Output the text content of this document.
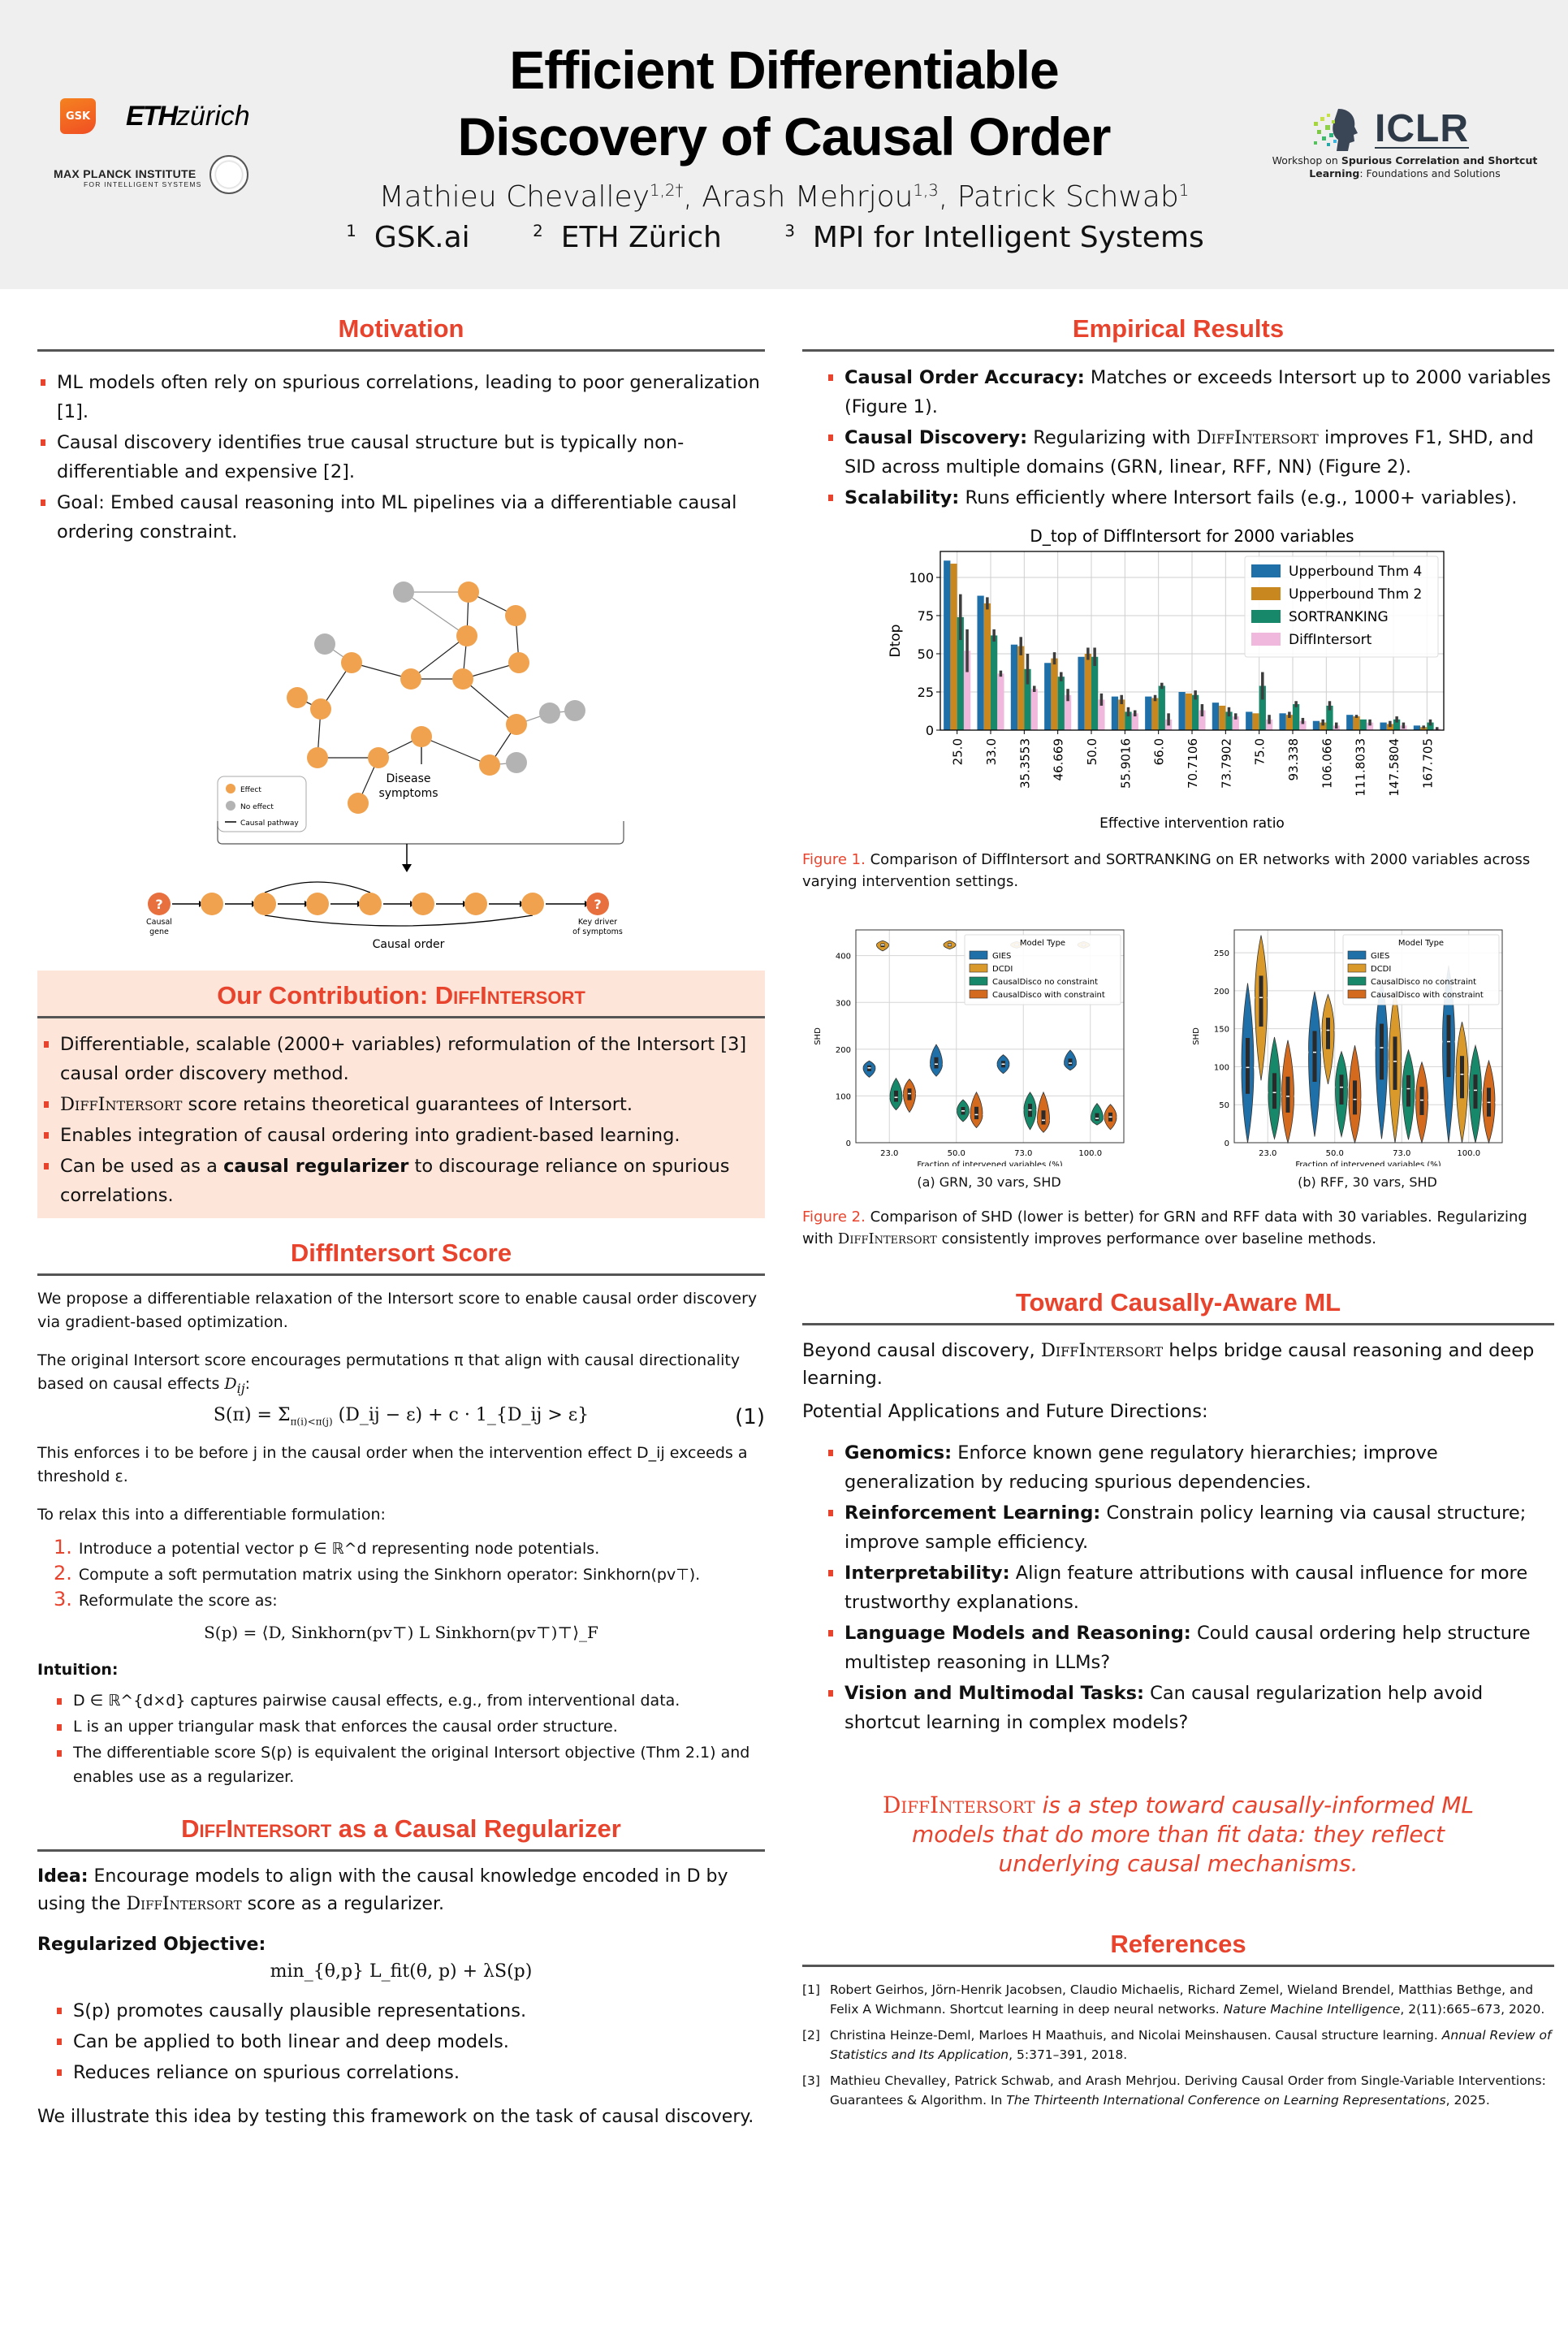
GSK ETHzürich
MAX PLANCK INSTITUTE
FOR INTELLIGENT SYSTEMS
Efficient Differentiable
Discovery of Causal Order
Mathieu Chevalley$^{1,2\dagger}$, Arash Mehrjou$^{1,3}$, Patrick Schwab$^1$
$^1$ GSK.ai	$^2$ ETH Zürich	$^3$ MPI for Intelligent Systems
ICLR
Workshop on Spurious Correlation and Shortcut Learning: Foundations and Solutions
Motivation
ML models often rely on spurious correlations, leading to poor generalization [1].
Causal discovery identifies true causal structure but is typically non-differentiable and expensive [2].
Goal: Embed causal reasoning into ML pipelines via a differentiable causal ordering constraint.
Disease
symptoms
Effect
No effect
Causal pathway
?	?
Causal
gene
Key driver
of symptoms
Causal order
Our Contribution: DiffIntersort
Differentiable, scalable (2000+ variables) reformulation of the Intersort [3] causal order discovery method.
DiffIntersort score retains theoretical guarantees of Intersort.
Enables integration of causal ordering into gradient-based learning.
Can be used as a causal regularizer to discourage reliance on spurious correlations.
DiffIntersort Score

We propose a differentiable relaxation of the Intersort score to enable causal order discovery via gradient-based optimization.

The original Intersort score encourages permutations π that align with causal directionality based on causal effects $D_{ij}$:

$S(\pi) = \Sigma_{\pi(i)<\pi(j)}$ (D_ij − ε) + c · 1_{D_ij > ε}	(1)

This enforces i to be before j in the causal order when the intervention effect D_ij exceeds a threshold ε.

To relax this into a differentiable formulation:

1. Introduce a potential vector p ∈ ℝ^d representing node potentials.
2. Compute a soft permutation matrix using the Sinkhorn operator: Sinkhorn(pv⊤).
3. Reformulate the score as:
S(p) = ⟨D, Sinkhorn(pv⊤) L Sinkhorn(pv⊤)⊤⟩_F

Intuition:

D ∈ ℝ^{d×d} captures pairwise causal effects, e.g., from interventional data.
L is an upper triangular mask that enforces the causal order structure.
The differentiable score S(p) is equivalent the original Intersort objective (Thm 2.1) and enables use as a regularizer.
DiffIntersort as a Causal Regularizer

Idea: Encourage models to align with the causal knowledge encoded in D by using the DiffIntersort score as a regularizer.

Regularized Objective:

min_{θ,p} L_fit(θ, p) + λS(p)
S(p) promotes causally plausible representations.
Can be applied to both linear and deep models.
Reduces reliance on spurious correlations.

We illustrate this idea by testing this framework on the task of causal discovery.

Empirical Results
Causal Order Accuracy: Matches or exceeds Intersort up to 2000 variables (Figure 1).
Causal Discovery: Regularizing with DiffIntersort improves F1, SHD, and SID across multiple domains (GRN, linear, RFF, NN) (Figure 2).
Scalability: Runs efficiently where Intersort fails (e.g., 1000+ variables).
D_top of DiffIntersort for 2000 variables
0
25
50
75
100
25.0 33.0 35.3553 46.669 50.0 55.9016 66.0 70.7106 73.7902 75.0 93.338 106.066 111.8033 147.5804 167.705
Dtop
Effective intervention ratio
Upperbound Thm 4
Upperbound Thm 2
SORTRANKING
DiffIntersort

Figure 1. Comparison of DiffIntersort and SORTRANKING on ER networks with 2000 variables across varying intervention settings.

0
100
200
300
400
23.0	50.0	73.0	100.0
SHD
Fraction of intervened variables (%)
Model Type
GIES
DCDI
CausalDisco no constraint
CausalDisco with constraint
(a) GRN, 30 vars, SHD
0
50
100
150
200
250
23.0	50.0	73.0	100.0
SHD
Fraction of intervened variables (%)
Model Type
GIES
DCDI
CausalDisco no constraint
CausalDisco with constraint
(b) RFF, 30 vars, SHD

Figure 2. Comparison of SHD (lower is better) for GRN and RFF data with 30 variables. Regularizing with DiffIntersort consistently improves performance over baseline methods.

Toward Causally-Aware ML

Beyond causal discovery, DiffIntersort helps bridge causal reasoning and deep learning.

Potential Applications and Future Directions:

Genomics: Enforce known gene regulatory hierarchies; improve generalization by reducing spurious dependencies.
Reinforcement Learning: Constrain policy learning via causal structure; improve sample efficiency.
Interpretability: Align feature attributions with causal influence for more trustworthy explanations.
Language Models and Reasoning: Could causal ordering help structure multistep reasoning in LLMs?
Vision and Multimodal Tasks: Can causal regularization help avoid shortcut learning in complex models?
DiffIntersort is a step toward causally-informed ML models that do more than fit data: they reflect underlying causal mechanisms.
References
[1] Robert Geirhos, Jörn-Henrik Jacobsen, Claudio Michaelis, Richard Zemel, Wieland Brendel, Matthias Bethge, and Felix A Wichmann. Shortcut learning in deep neural networks. Nature Machine Intelligence, 2(11):665–673, 2020.
[2] Christina Heinze-Deml, Marloes H Maathuis, and Nicolai Meinshausen. Causal structure learning. Annual Review of Statistics and Its Application, 5:371–391, 2018.
[3] Mathieu Chevalley, Patrick Schwab, and Arash Mehrjou. Deriving Causal Order from Single-Variable Interventions: Guarantees & Algorithm. In The Thirteenth International Conference on Learning Representations, 2025.
